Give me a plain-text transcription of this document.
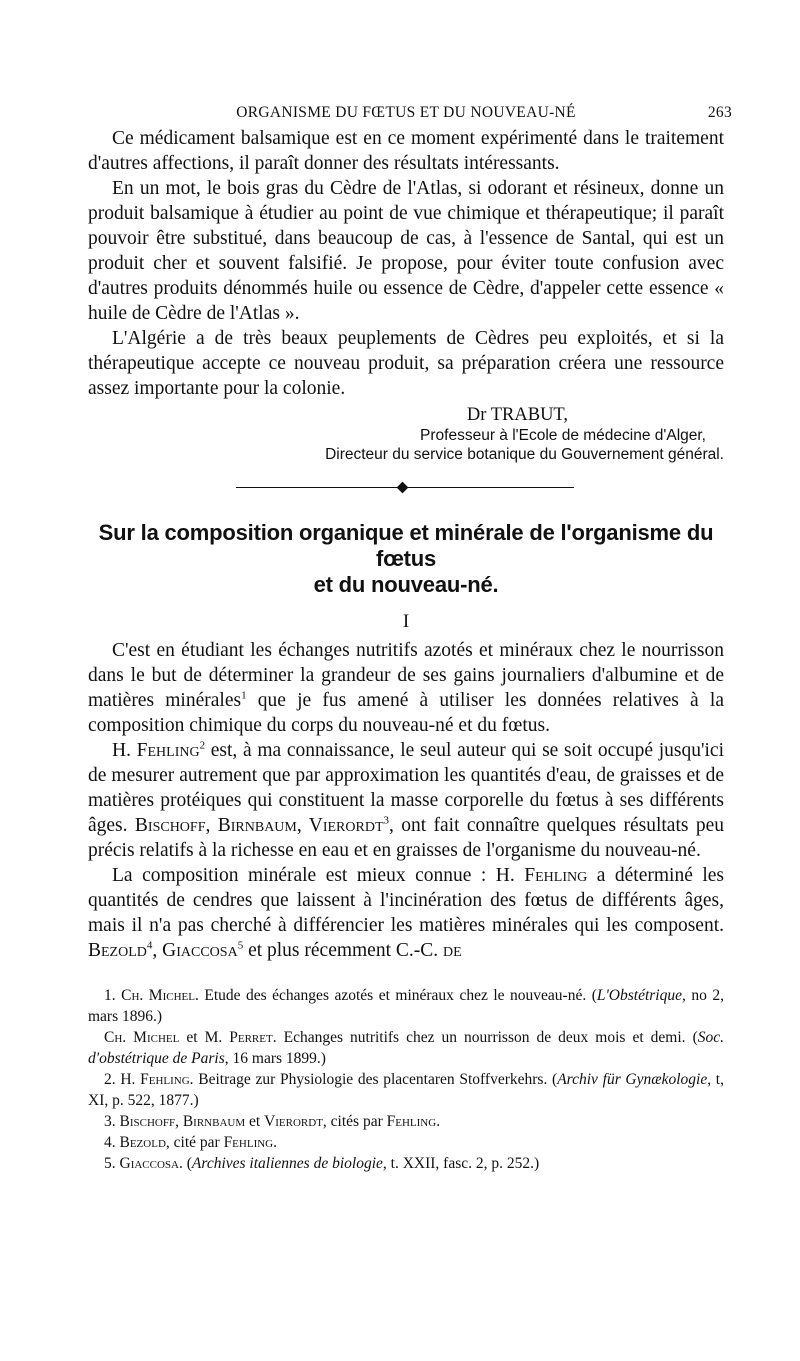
ORGANISME DU FŒTUS ET DU NOUVEAU-NÉ	263

Ce médicament balsamique est en ce moment expérimenté dans le traitement d'autres affections, il paraît donner des résultats intéressants.

En un mot, le bois gras du Cèdre de l'Atlas, si odorant et résineux, donne un produit balsamique à étudier au point de vue chimique et thérapeutique; il paraît pouvoir être substitué, dans beaucoup de cas, à l'essence de Santal, qui est un produit cher et souvent falsifié. Je propose, pour éviter toute confusion avec d'autres produits dénommés huile ou essence de Cèdre, d'appeler cette essence « huile de Cèdre de l'Atlas ».

L'Algérie a de très beaux peuplements de Cèdres peu exploités, et si la thérapeutique accepte ce nouveau produit, sa préparation créera une ressource assez importante pour la colonie.

Dr TRABUT,
Professeur à l'Ecole de médecine d'Alger,
Directeur du service botanique du Gouvernement général.
Sur la composition organique et minérale de l'organisme du fœtus
et du nouveau-né.
I

C'est en étudiant les échanges nutritifs azotés et minéraux chez le nourrisson dans le but de déterminer la grandeur de ses gains journaliers d'albumine et de matières minérales$^1$ que je fus amené à utiliser les données relatives à la composition chimique du corps du nouveau-né et du fœtus.

H. Fehling$^2$ est, à ma connaissance, le seul auteur qui se soit occupé jusqu'ici de mesurer autrement que par approximation les quantités d'eau, de graisses et de matières protéiques qui constituent la masse corporelle du fœtus à ses différents âges. Bischoff, Birnbaum, Vierordt$^3$, ont fait connaître quelques résultats peu précis relatifs à la richesse en eau et en graisses de l'organisme du nouveau-né.

La composition minérale est mieux connue : H. Fehling a déterminé les quantités de cendres que laissent à l'incinération des fœtus de différents âges, mais il n'a pas cherché à différencier les matières minérales qui les composent. Bezold$^4$, Giaccosa$^5$ et plus récemment C.-C. de

1. Ch. Michel. Etude des échanges azotés et minéraux chez le nouveau-né. (L'Obstétrique, no 2, mars 1896.)
Ch. Michel et M. Perret. Echanges nutritifs chez un nourrisson de deux mois et demi. (Soc. d'obstétrique de Paris, 16 mars 1899.)
2. H. Fehling. Beitrage zur Physiologie des placentaren Stoffverkehrs. (Archiv für Gynækologie, t, XI, p. 522, 1877.)
3. Bischoff, Birnbaum et Vierordt, cités par Fehling.
4. Bezold, cité par Fehling.
5. Giaccosa. (Archives italiennes de biologie, t. XXII, fasc. 2, p. 252.)
